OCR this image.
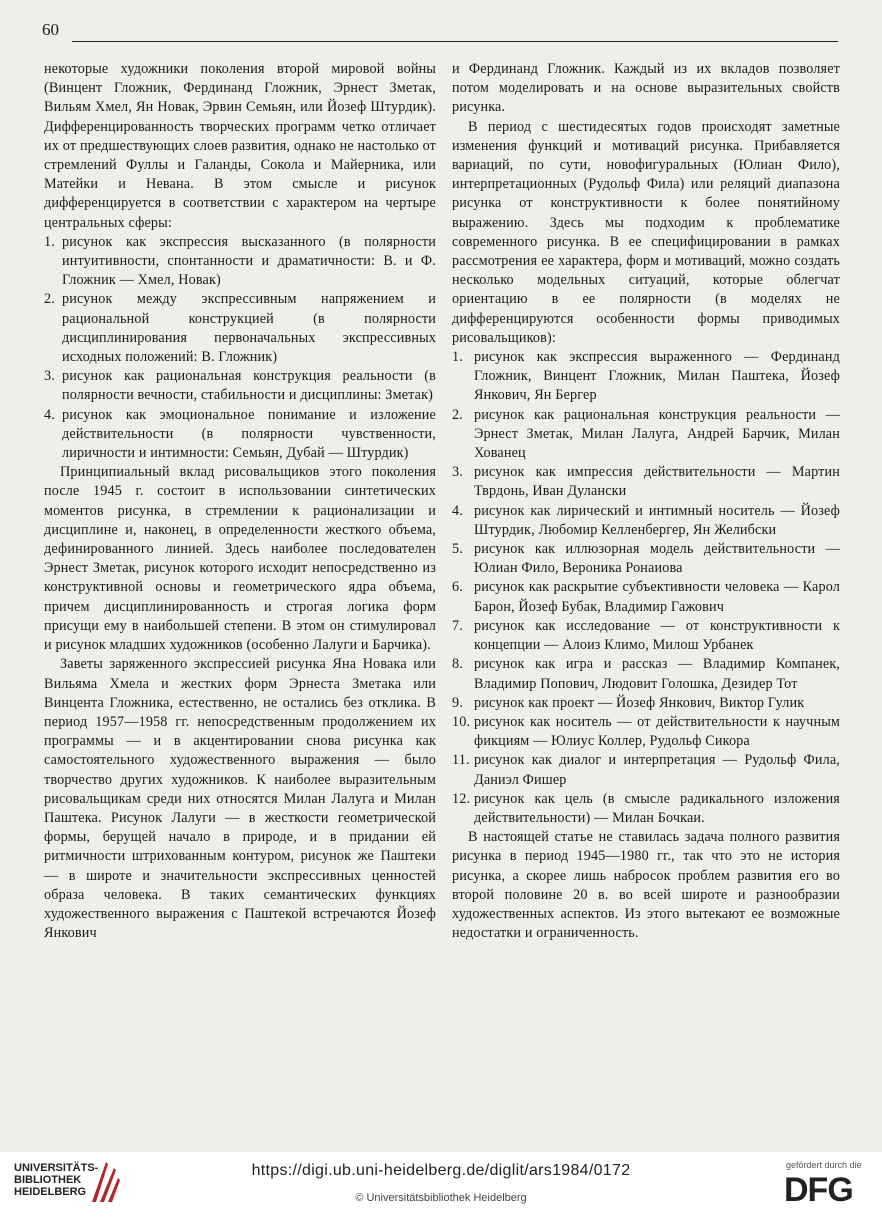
60

некоторые художники поколения второй мировой войны (Винцент Гложник, Фердинанд Гложник, Эрнест Зметак, Вильям Хмел, Ян Новак, Эрвин Семьян, или Йозеф Штурдик). Дифференцированность творческих программ четко отличает их от предшествующих слоев развития, однако не настолько от стремлений Фуллы и Галанды, Сокола и Майерника, или Матейки и Невана. В этом смысле и рисунок дифференцируется в соответствии с характером на чертыре центральных сферы:

1. рисунок как экспрессия высказанного (в полярности интуитивности, спонтанности и драматичности: В. и Ф. Гложник — Хмел, Новак)
2. рисунок между экспрессивным напряжением и рациональной конструкцией (в полярности дисциплинирования первоначальных экспрессивных исходных положений: В. Гложник)
3. рисунок как рациональная конструкция реальности (в полярности вечности, стабильности и дисциплины: Зметак)
4. рисунок как эмоциональное понимание и изложение действительности (в полярности чувственности, лиричности и интимности: Семьян, Дубай — Штурдик)

Принципиальный вклад рисовальщиков этого поколения после 1945 г. состоит в использовании синтетических моментов рисунка, в стремлении к рационализации и дисциплине и, наконец, в определенности жесткого объема, дефинированного линией. Здесь наиболее последователен Эрнест Зметак, рисунок которого исходит непосредственно из конструктивной основы и геометрического ядра объема, причем дисциплинированность и строгая логика форм присущи ему в наибольшей степени. В этом он стимулировал и рисунок младших художников (особенно Лалуги и Барчика).

Заветы заряженного экспрессией рисунка Яна Новака или Вильяма Хмела и жестких форм Эрнеста Зметака или Винцента Гложника, естественно, не остались без отклика. В период 1957—1958 гг. непосредственным продолжением их программы — и в акцентировании снова рисунка как самостоятельного художественного выражения — было творчество других художников. К наиболее выразительным рисовальщикам среди них относятся Милан Лалуга и Милан Паштека. Рисунок Лалуги — в жесткости геометрической формы, берущей начало в природе, и в придании ей ритмичности штрихованным контуром, рисунок же Паштеки — в широте и значительности экспрессивных ценностей образа человека. В таких семантических функциях художественного выражения с Паштекой встречаются Йозеф Янкович

и Фердинанд Гложник. Каждый из их вкладов позволяет потом моделировать и на основе выразительных свойств рисунка.

В период с шестидесятых годов происходят заметные изменения функций и мотиваций рисунка. Прибавляется вариаций, по сути, новофигуральных (Юлиан Фило), интерпретационных (Рудольф Фила) или реляций диапазона рисунка от конструктивности к более понятийному выражению. Здесь мы подходим к проблематике современного рисунка. В ее специфицировании в рамках рассмотрения ее характера, форм и мотиваций, можно создать несколько модельных ситуаций, которые облегчат ориентацию в ее полярности (в моделях не дифференцируются особенности формы приводимых рисовальщиков):

1. рисунок как экспрессия выраженного — Фердинанд Гложник, Винцент Гложник, Милан Паштека, Йозеф Янкович, Ян Бергер
2. рисунок как рациональная конструкция реальности — Эрнест Зметак, Милан Лалуга, Андрей Барчик, Милан Хованец
3. рисунок как импрессия действительности — Мартин Тврдонь, Иван Дулански
4. рисунок как лирический и интимный носитель — Йозеф Штурдик, Любомир Келленбергер, Ян Желибски
5. рисунок как иллюзорная модель действительности — Юлиан Фило, Вероника Ронаиова
6. рисунок как раскрытие субъективности человека — Карол Барон, Йозеф Бубак, Владимир Гажович
7. рисунок как исследование — от конструктивности к концепции — Алоиз Климо, Милош Урбанек
8. рисунок как игра и рассказ — Владимир Компанек, Владимир Попович, Людовит Голошка, Дезидер Тот
9. рисунок как проект — Йозеф Янкович, Виктор Гулик
10. рисунок как носитель — от действительности к научным фикциям — Юлиус Коллер, Рудольф Сикора
11. рисунок как диалог и интерпретация — Рудольф Фила, Даниэл Фишер
12. рисунок как цель (в смысле радикального изложения действительности) — Милан Бочкаи.

В настоящей статье не ставилась задача полного развития рисунка в период 1945—1980 гг., так что это не история рисунка, а скорее лишь набросок проблем развития его во второй половине 20 в. во всей широте и разнообразии художественных аспектов. Из этого вытекают ее возможные недостатки и ограниченность.

UNIVERSITÄTS-
BIBLIOTHEK
HEIDELBERG
https://digi.ub.uni-heidelberg.de/diglit/ars1984/0172
© Universitätsbibliothek Heidelberg
gefördert durch die
DFG
